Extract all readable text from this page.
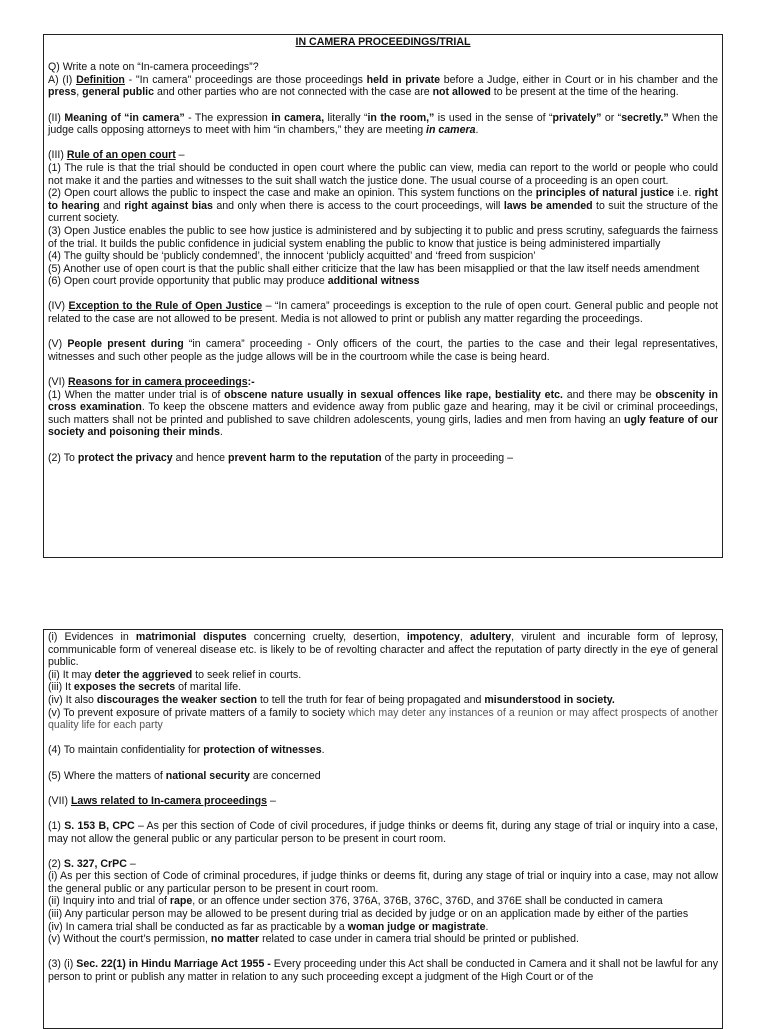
IN CAMERA PROCEEDINGS/TRIAL

Q) Write a note on “In-camera proceedings”?

A) (I) Definition - "In camera" proceedings are those proceedings held in private before a Judge, either in Court or in his chamber and the press, general public and other parties who are not connected with the case are not allowed to be present at the time of the hearing.

(II) Meaning of “in camera” - The expression in camera, literally “in the room,” is used in the sense of “privately” or “secretly.” When the judge calls opposing attorneys to meet with him “in chambers,” they are meeting in camera.

(III) Rule of an open court –

(1) The rule is that the trial should be conducted in open court where the public can view, media can report to the world or people who could not make it and the parties and witnesses to the suit shall watch the justice done. The usual course of a proceeding is an open court.

(2) Open court allows the public to inspect the case and make an opinion. This system functions on the principles of natural justice i.e. right to hearing and right against bias and only when there is access to the court proceedings, will laws be amended to suit the structure of the current society.

(3) Open Justice enables the public to see how justice is administered and by subjecting it to public and press scrutiny, safeguards the fairness of the trial. It builds the public confidence in judicial system enabling the public to know that justice is being administered impartially

(4) The guilty should be ‘publicly condemned’, the innocent ‘publicly acquitted’ and ‘freed from suspicion’

(5) Another use of open court is that the public shall either criticize that the law has been misapplied or that the law itself needs amendment

(6) Open court provide opportunity that public may produce additional witness

(IV) Exception to the Rule of Open Justice – “In camera” proceedings is exception to the rule of open court. General public and people not related to the case are not allowed to be present. Media is not allowed to print or publish any matter regarding the proceedings.

(V) People present during “in camera” proceeding - Only officers of the court, the parties to the case and their legal representatives, witnesses and such other people as the judge allows will be in the courtroom while the case is being heard.

(VI) Reasons for in camera proceedings:-

(1) When the matter under trial is of obscene nature usually in sexual offences like rape, bestiality etc. and there may be obscenity in cross examination. To keep the obscene matters and evidence away from public gaze and hearing, may it be civil or criminal proceedings, such matters shall not be printed and published to save children adolescents, young girls, ladies and men from having an ugly feature of our society and poisoning their minds.

(2) To protect the privacy and hence prevent harm to the reputation of the party in proceeding –

(i) Evidences in matrimonial disputes concerning cruelty, desertion, impotency, adultery, virulent and incurable form of leprosy, communicable form of venereal disease etc. is likely to be of revolting character and affect the reputation of party directly in the eye of general public.

(ii) It may deter the aggrieved to seek relief in courts.

(iii) It exposes the secrets of marital life.

(iv) It also discourages the weaker section to tell the truth for fear of being propagated and misunderstood in society.

(v) To prevent exposure of private matters of a family to society which may deter any instances of a reunion or may affect prospects of another quality life for each party

(4) To maintain confidentiality for protection of witnesses.

(5) Where the matters of national security are concerned

(VII) Laws related to In-camera proceedings –

(1) S. 153 B, CPC – As per this section of Code of civil procedures, if judge thinks or deems fit, during any stage of trial or inquiry into a case, may not allow the general public or any particular person to be present in court room.

(2) S. 327, CrPC –

(i) As per this section of Code of criminal procedures, if judge thinks or deems fit, during any stage of trial or inquiry into a case, may not allow the general public or any particular person to be present in court room.

(ii) Inquiry into and trial of rape, or an offence under section 376, 376A, 376B, 376C, 376D, and 376E shall be conducted in camera

(iii) Any particular person may be allowed to be present during trial as decided by judge or on an application made by either of the parties

(iv) In camera trial shall be conducted as far as practicable by a woman judge or magistrate.

(v) Without the court’s permission, no matter related to case under in camera trial should be printed or published.

(3) (i) Sec. 22(1) in Hindu Marriage Act 1955 - Every proceeding under this Act shall be conducted in Camera and it shall not be lawful for any person to print or publish any matter in relation to any such proceeding except a judgment of the High Court or of the
